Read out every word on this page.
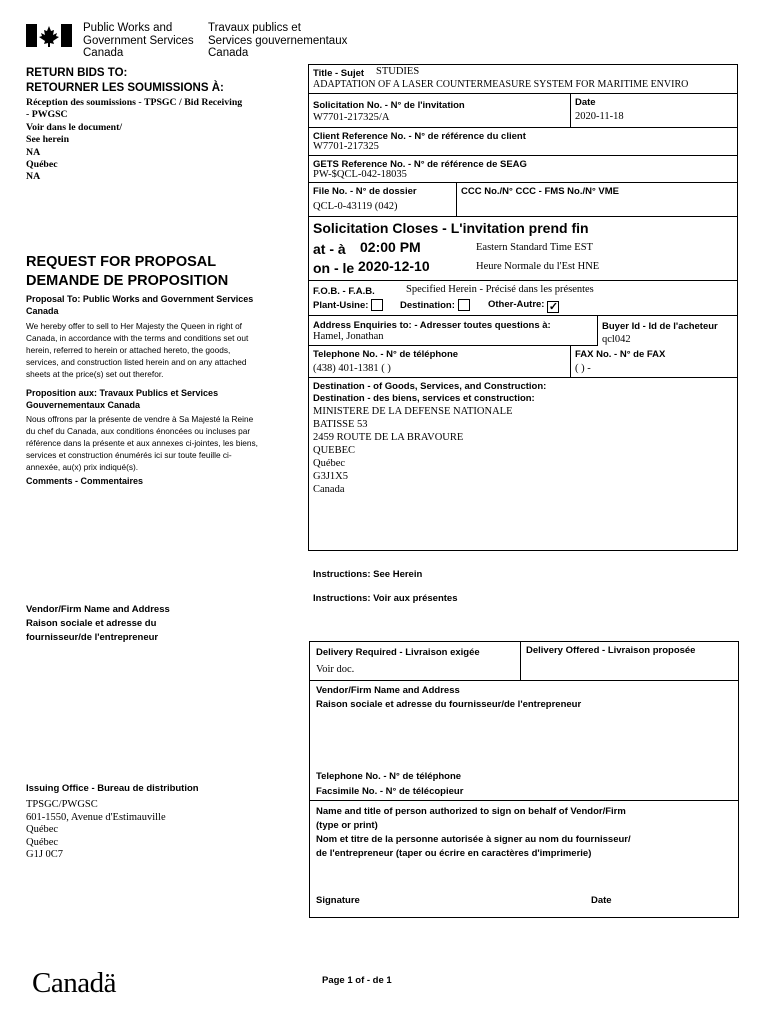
Public Works and
Government Services
Canada
Travaux publics et
Services gouvernementaux
Canada
RETURN BIDS TO:
RETOURNER LES SOUMISSIONS À:
Réception des soumissions - TPSGC / Bid Receiving
- PWGSC
Voir dans le document/
See herein
NA
Québec
NA
REQUEST FOR PROPOSAL
DEMANDE DE PROPOSITION
Proposal To: Public Works and Government Services Canada
We hereby offer to sell to Her Majesty the Queen in right of Canada, in accordance with the terms and conditions set out herein, referred to herein or attached hereto, the goods, services, and construction listed herein and on any attached sheets at the price(s) set out therefor.
Proposition aux: Travaux Publics et Services Gouvernementaux Canada
Nous offrons par la présente de vendre à Sa Majesté la Reine du chef du Canada, aux conditions énoncées ou incluses par référence dans la présente et aux annexes ci-jointes, les biens, services et construction énumérés ici sur toute feuille ci-annexée, au(x) prix indiqué(s).
Comments - Commentaires
Vendor/Firm Name and Address
Raison sociale et adresse du
fournisseur/de l'entrepreneur
Issuing Office - Bureau de distribution
TPSGC/PWGSC
601-1550, Avenue d'Estimauville
Québec
Québec
G1J 0C7
Title - Sujet STUDIES
ADAPTATION OF A LASER COUNTERMEASURE SYSTEM FOR MARITIME ENVIRO
Solicitation No. - N° de l'invitation
W7701-217325/A
Date
2020-11-18
Client Reference No. - N° de référence du client
W7701-217325
GETS Reference No. - N° de référence de SEAG
PW-$QCL-042-18035
File No. - N° de dossier
QCL-0-43119 (042)
CCC No./N° CCC - FMS No./N° VME
Solicitation Closes - L'invitation prend fin
at - à 02:00 PM	Eastern Standard Time EST
on - le 2020-12-10	Heure Normale du l'Est HNE
F.O.B. - F.A.B.	Specified Herein - Précisé dans les présentes
Plant-Usine:	Destination:	Other-Autre: ✓
Address Enquiries to: - Adresser toutes questions à:
Hamel, Jonathan
Buyer Id - Id de l'acheteur
qcl042
Telephone No. - N° de téléphone
(438) 401-1381 ( )
FAX No. - N° de FAX
( ) -
Destination - of Goods, Services, and Construction:
Destination - des biens, services et construction:
MINISTERE DE LA DEFENSE NATIONALE
BATISSE 53
2459 ROUTE DE LA BRAVOURE
QUEBEC
Québec
G3J1X5
Canada
Instructions: See Herein
Instructions: Voir aux présentes
Delivery Required - Livraison exigée
Voir doc.
Delivery Offered - Livraison proposée
Vendor/Firm Name and Address
Raison sociale et adresse du fournisseur/de l'entrepreneur
Telephone No. - N° de téléphone
Facsimile No. - N° de télécopieur
Name and title of person authorized to sign on behalf of Vendor/Firm
(type or print)
Nom et titre de la personne autorisée à signer au nom du fournisseur/
de l'entrepreneur (taper ou écrire en caractères d'imprimerie)
Signature	Date
Canadä	Page 1 of - de 1
